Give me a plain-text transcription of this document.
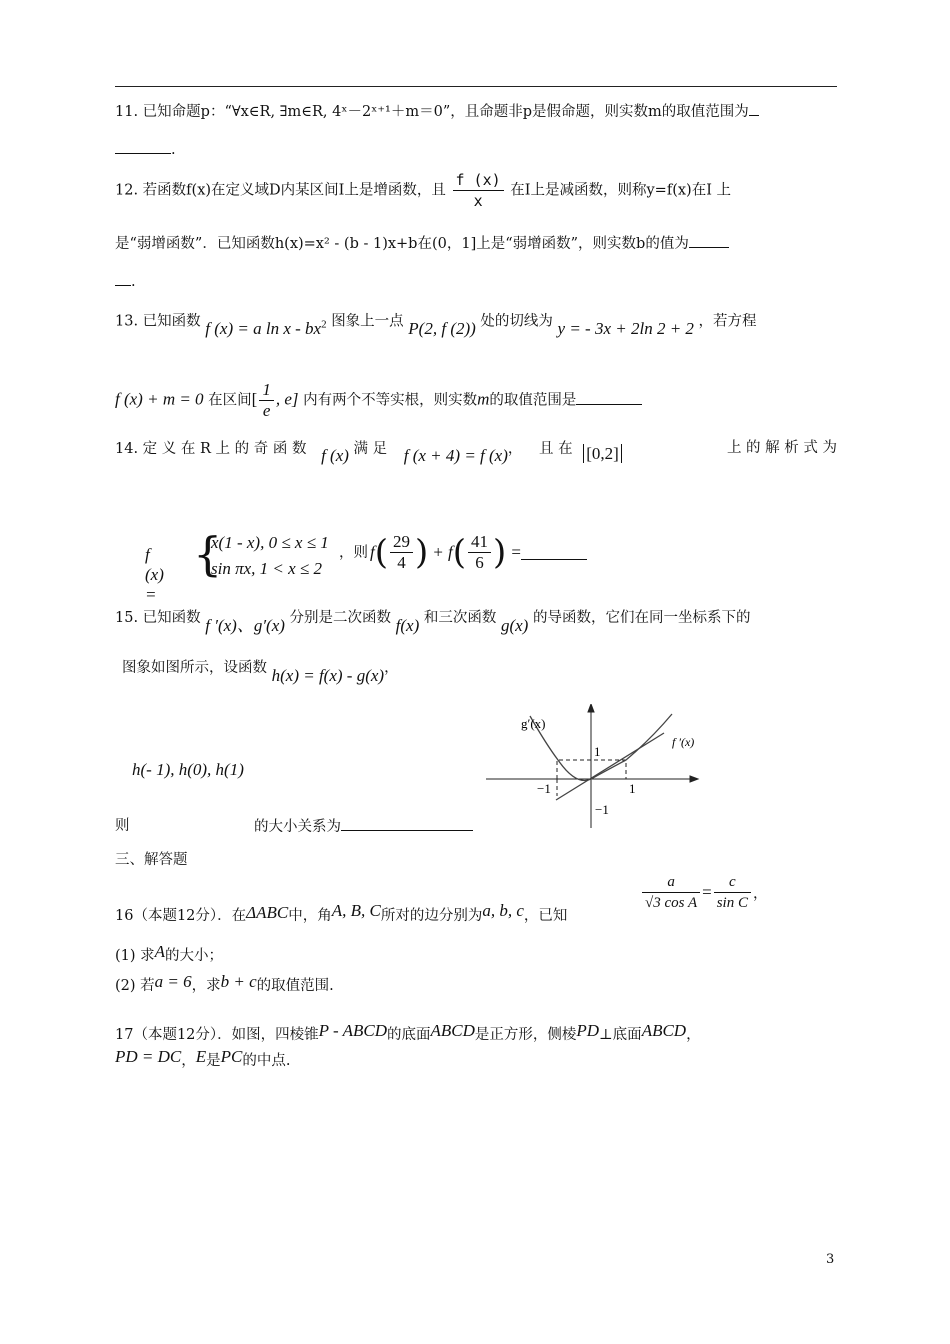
11. 已知命题p：“∀x∈R, ∃m∈R, 4ˣ－2ˣ⁺¹＋m＝0”，且命题非p是假命题，则实数m的取值范围为
.
12. 若函数f(x)在定义域D内某区间I上是增函数，且 $\frac{f (x)}{x}$ 在I上是减函数，则称y=f(x)在I 上
是“弱增函数”．已知函数h(x)=x² - (b - 1)x+b在(0，1]上是“弱增函数”，则实数b的值为
.
13. 已知函数 f (x) = a ln x - $bx^2$ 图象上一点 P(2, f (2)) 处的切线为 y = - 3x + 2ln 2 + 2 ，若方程
f (x) + m = 0 在区间[ $\frac{1}{e}$ , e] 内有两个不等实根，则实数m的取值范围是
14. 定 义 在 R 上 的 奇 函 数 f (x) 满 足 f (x + 4) = f (x)， 且 在 [0,2]	上 的 解 析 式 为
f (x) =
{
x(1 - x), 0 ≤ x ≤ 1
sin πx, 1 < x ≤ 2
，则 $f( \frac{29}{4}$ ) + $f( \frac{41}{6}$ ) =
15. 已知函数 f ′(x)、g′(x) 分别是二次函数 f(x) 和三次函数 g(x) 的导函数，它们在同一坐标系下的
图象如图所示，设函数 h(x) = f(x) - g(x)，
h(- 1), h(0), h(1)
则	的大小关系为
g′(x)
f ′(x)
−1	1
1
−1
三、解答题
16（本题12分）．在ΔABC中，角A, B, C所对的边分别为a, b, c，已知
$\frac{a}{\text{√3 cos A}} = \frac{c}{\text{sin C}}$ ，
(1) 求A的大小；
(2) 若a = 6，求b + c的取值范围.
17（本题12分）．如图，四棱锥P - ABCD的底面ABCD是正方形，侧棱PD⊥底面ABCD，
PD = DC，E是PC的中点.
3
